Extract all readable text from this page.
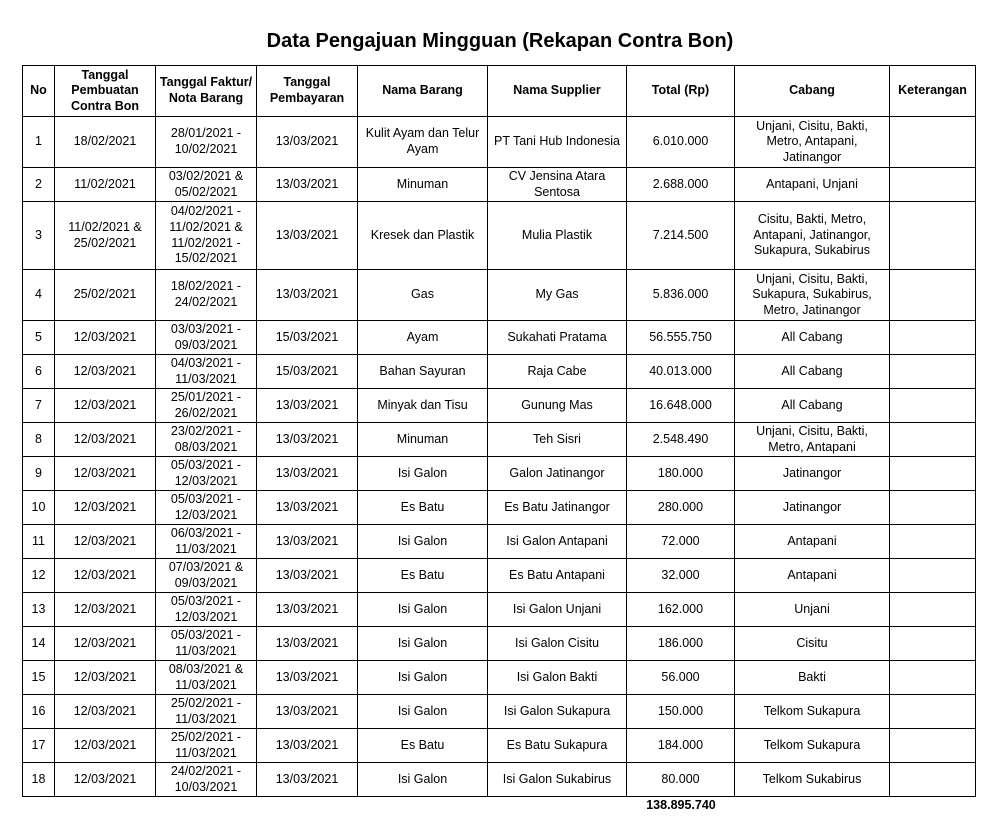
Data Pengajuan Mingguan (Rekapan Contra Bon)
No	Tanggal Pembuatan Contra Bon	Tanggal Faktur/ Nota Barang	Tanggal Pembayaran	Nama Barang	Nama Supplier	Total (Rp)	Cabang	Keterangan
1	18/02/2021	28/01/2021 - 10/02/2021	13/03/2021	Kulit Ayam dan Telur Ayam	PT Tani Hub Indonesia	6.010.000	Unjani, Cisitu, Bakti, Metro, Antapani, Jatinangor	
2	11/02/2021	03/02/2021 & 05/02/2021	13/03/2021	Minuman	CV Jensina Atara Sentosa	2.688.000	Antapani, Unjani	
3	11/02/2021 & 25/02/2021	04/02/2021 - 11/02/2021 & 11/02/2021 - 15/02/2021	13/03/2021	Kresek dan Plastik	Mulia Plastik	7.214.500	Cisitu, Bakti, Metro, Antapani, Jatinangor, Sukapura, Sukabirus	
4	25/02/2021	18/02/2021 - 24/02/2021	13/03/2021	Gas	My Gas	5.836.000	Unjani, Cisitu, Bakti, Sukapura, Sukabirus, Metro, Jatinangor	
5	12/03/2021	03/03/2021 - 09/03/2021	15/03/2021	Ayam	Sukahati Pratama	56.555.750	All Cabang	
6	12/03/2021	04/03/2021 - 11/03/2021	15/03/2021	Bahan Sayuran	Raja Cabe	40.013.000	All Cabang	
7	12/03/2021	25/01/2021 - 26/02/2021	13/03/2021	Minyak dan Tisu	Gunung Mas	16.648.000	All Cabang	
8	12/03/2021	23/02/2021 - 08/03/2021	13/03/2021	Minuman	Teh Sisri	2.548.490	Unjani, Cisitu, Bakti, Metro, Antapani	
9	12/03/2021	05/03/2021 - 12/03/2021	13/03/2021	Isi Galon	Galon Jatinangor	180.000	Jatinangor	
10	12/03/2021	05/03/2021 - 12/03/2021	13/03/2021	Es Batu	Es Batu Jatinangor	280.000	Jatinangor	
11	12/03/2021	06/03/2021 - 11/03/2021	13/03/2021	Isi Galon	Isi Galon Antapani	72.000	Antapani	
12	12/03/2021	07/03/2021 & 09/03/2021	13/03/2021	Es Batu	Es Batu Antapani	32.000	Antapani	
13	12/03/2021	05/03/2021 - 12/03/2021	13/03/2021	Isi Galon	Isi Galon Unjani	162.000	Unjani	
14	12/03/2021	05/03/2021 - 11/03/2021	13/03/2021	Isi Galon	Isi Galon Cisitu	186.000	Cisitu	
15	12/03/2021	08/03/2021 & 11/03/2021	13/03/2021	Isi Galon	Isi Galon Bakti	56.000	Bakti	
16	12/03/2021	25/02/2021 - 11/03/2021	13/03/2021	Isi Galon	Isi Galon Sukapura	150.000	Telkom Sukapura	
17	12/03/2021	25/02/2021 - 11/03/2021	13/03/2021	Es Batu	Es Batu Sukapura	184.000	Telkom Sukapura	
18	12/03/2021	24/02/2021 - 10/03/2021	13/03/2021	Isi Galon	Isi Galon Sukabirus	80.000	Telkom Sukabirus	
138.895.740
